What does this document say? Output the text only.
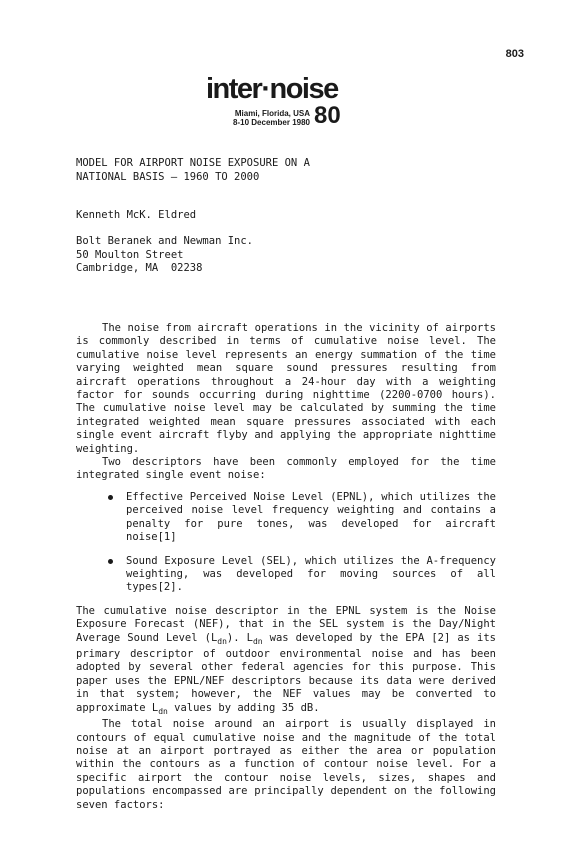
803
inter·noise
Miami, Florida, USA
8-10 December 1980 80
MODEL FOR AIRPORT NOISE EXPOSURE ON A
NATIONAL BASIS — 1960 TO 2000
Kenneth McK. Eldred
Bolt Beranek and Newman Inc.
50 Moulton Street
Cambridge, MA  02238

The noise from aircraft operations in the vicinity of airports is commonly described in terms of cumulative noise level. The cumulative noise level represents an energy summation of the time varying weighted mean square sound pressures resulting from aircraft operations throughout a 24-hour day with a weighting factor for sounds occurring during nighttime (2200-0700 hours). The cumulative noise level may be calculated by summing the time integrated weighted mean square pressures associated with each single event aircraft flyby and applying the appropriate nighttime weighting.

Two descriptors have been commonly employed for the time integrated single event noise:

Effective Perceived Noise Level (EPNL), which utilizes the perceived noise level frequency weighting and contains a penalty for pure tones, was developed for aircraft noise[1]
Sound Exposure Level (SEL), which utilizes the A-frequency weighting, was developed for moving sources of all types[2].

The cumulative noise descriptor in the EPNL system is the Noise Exposure Forecast (NEF), that in the SEL system is the Day/Night Average Sound Level $(L_{dn})$. $L_{dn}$ was developed by the EPA [2] as its primary descriptor of outdoor environmental noise and has been adopted by several other federal agencies for this purpose. This paper uses the EPNL/NEF descriptors because its data were derived in that system; however, the NEF values may be converted to approximate $L_{dn}$ values by adding 35 dB.

The total noise around an airport is usually displayed in contours of equal cumulative noise and the magnitude of the total noise at an airport portrayed as either the area or population within the contours as a function of contour noise level. For a specific airport the contour noise levels, sizes, shapes and populations encompassed are principally dependent on the following seven factors:
